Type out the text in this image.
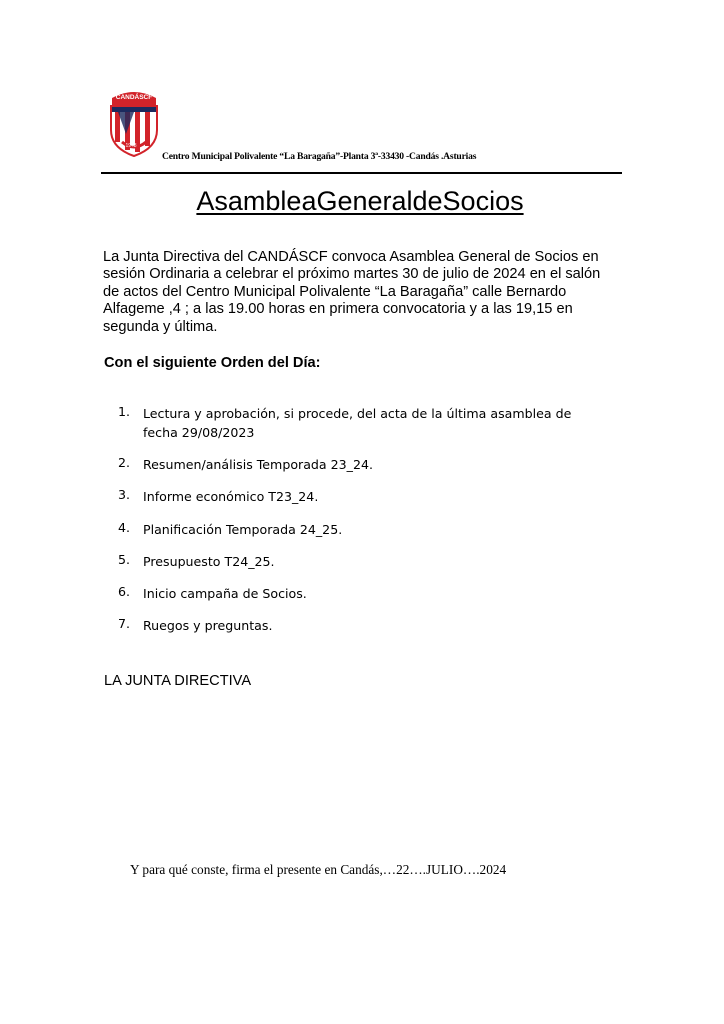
CANDÁSCF
1948
Centro Municipal Polivalente “La Baragaña”-Planta 3ª-33430 -Candás .Asturias
AsambleaGeneraldeSocios
La Junta Directiva del CANDÁSCF convoca Asamblea General de Socios en sesión Ordinaria a celebrar el próximo martes 30 de julio de 2024 en el salón de actos del Centro Municipal Polivalente “La Baragaña” calle Bernardo Alfageme ,4 ; a las 19.00 horas en primera convocatoria y a las 19,15 en segunda y última.
Con el siguiente Orden del Día:
1.	Lectura y aprobación, si procede, del acta de la última asamblea de fecha 29/08/2023
2.	Resumen/análisis Temporada 23_24.
3.	Informe económico T23_24.
4.	Planificación Temporada 24_25.
5.	Presupuesto T24_25.
6.	Inicio campaña de Socios.
7.	Ruegos y preguntas.
LA JUNTA DIRECTIVA
Y para qué conste, firma el presente en Candás,…22….JULIO….2024
